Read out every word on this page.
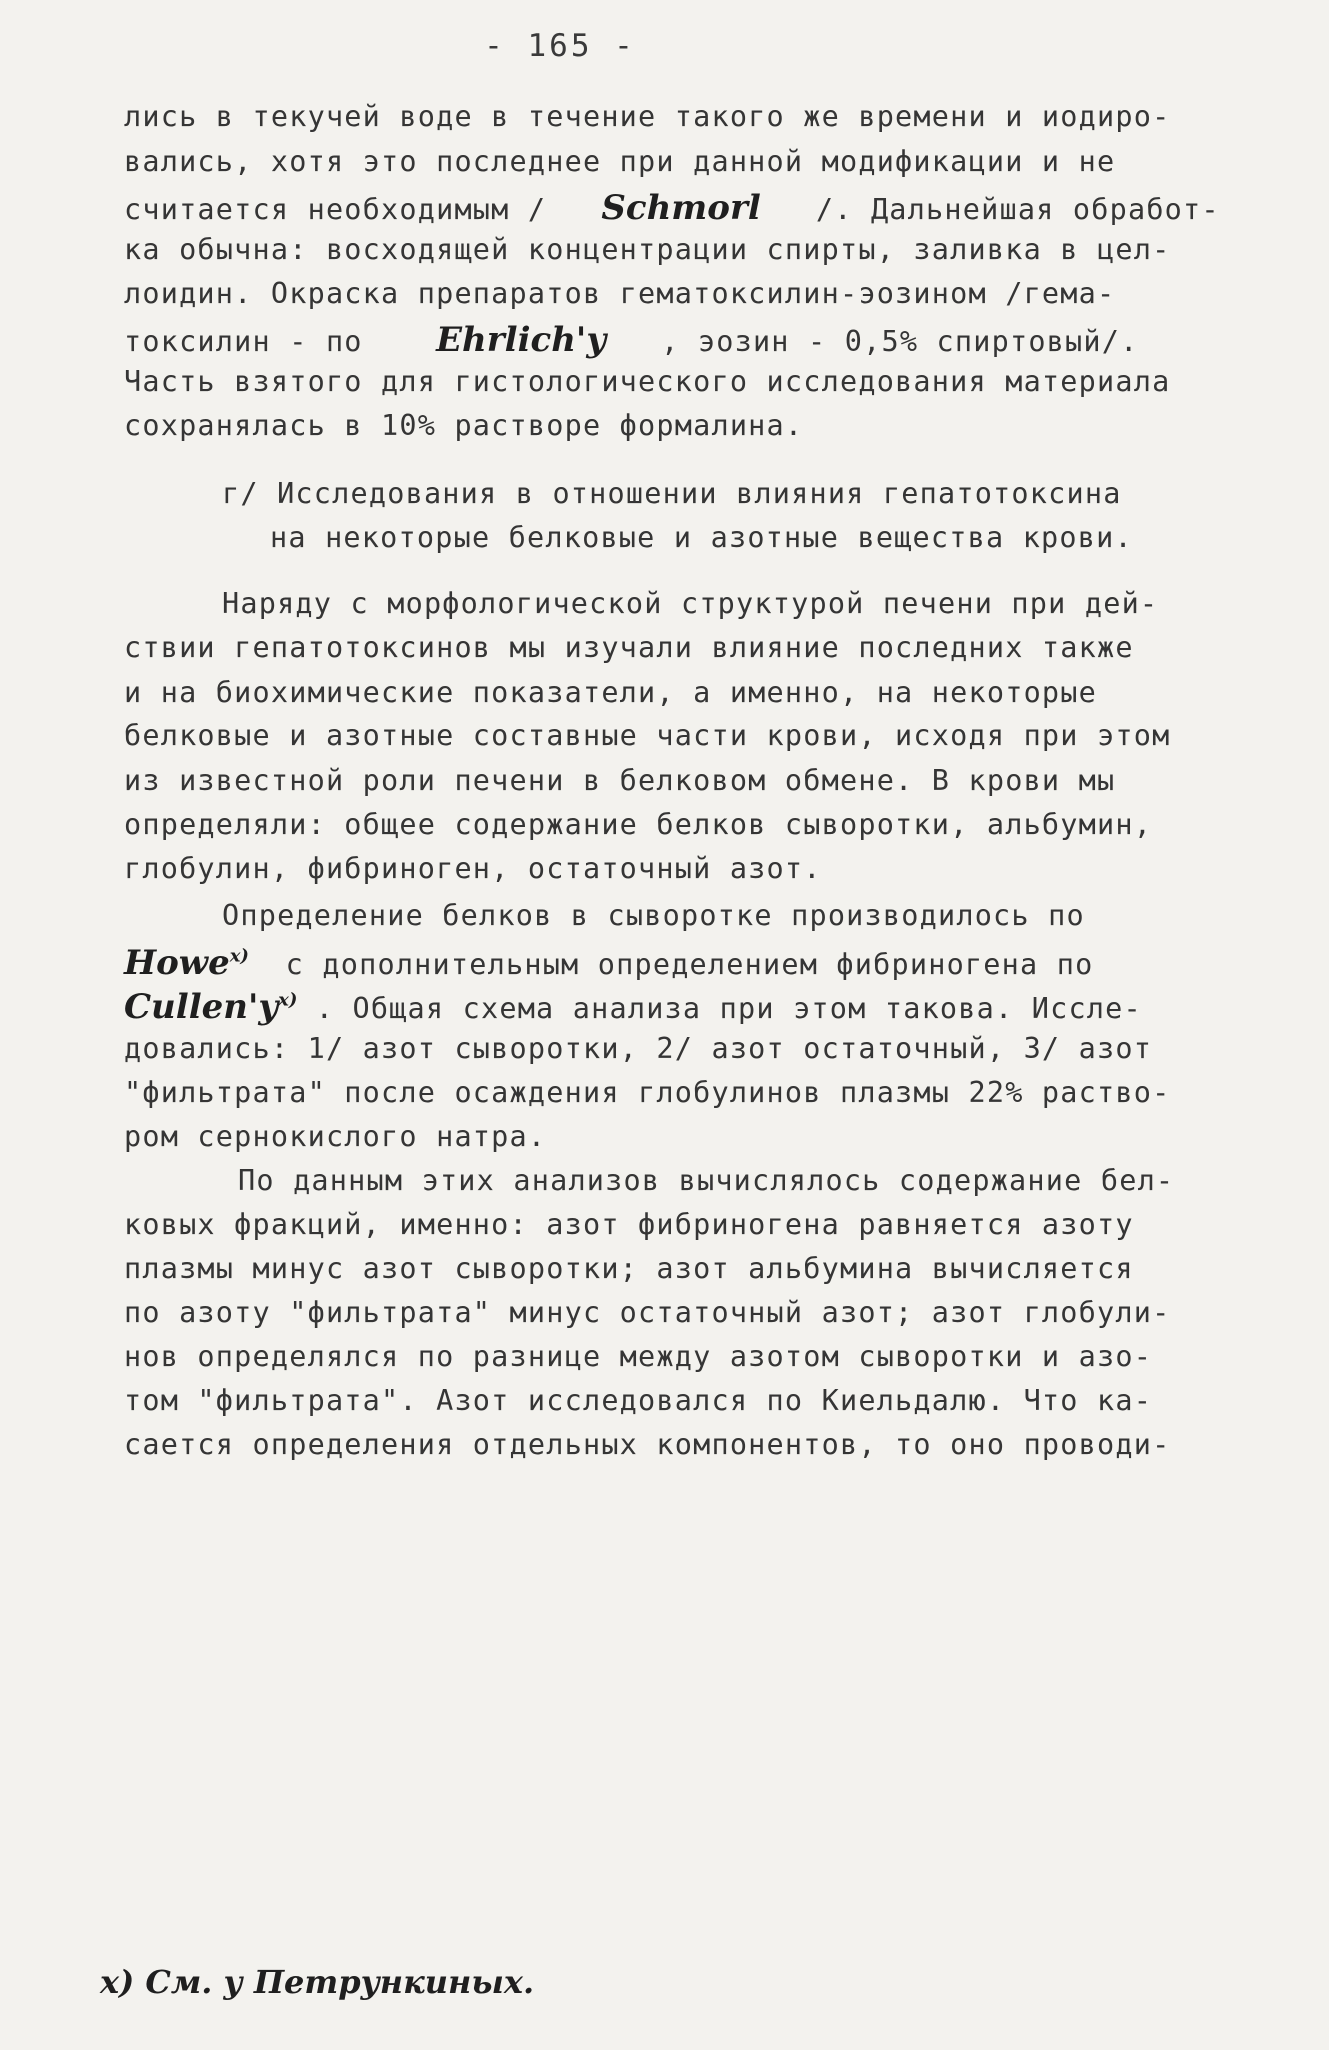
- 165 -
лись в текучей воде в течение такого же времени и иодиро-
вались, хотя это последнее при данной модификации и не
считается необходимым / Schmorl /. Дальнейшая обработ-
ка обычна: восходящей концентрации спирты, заливка в цел-
лоидин. Окраска препаратов гематоксилин-эозином /гема-
токсилин - по Ehrlich'y , эозин - 0,5% спиртовый/.
Часть взятого для гистологического исследования материала
сохранялась в 10% растворе формалина.
г/ Исследования в отношении влияния гепатотоксина
на некоторые белковые и азотные вещества крови.
Наряду с морфологической структурой печени при дей-
ствии гепатотоксинов мы изучали влияние последних также
и на биохимические показатели, а именно, на некоторые
белковые и азотные составные части крови, исходя при этом
из известной роли печени в белковом обмене. В крови мы
определяли: общее содержание белков сыворотки, альбумин,
глобулин, фибриноген, остаточный азот.
Определение белков в сыворотке производилось по
Howe$^{x)}$ с дополнительным определением фибриногена по
$Cullen'y^{x)}$ . Общая схема анализа при этом такова. Иссле-
довались: 1/ азот сыворотки, 2/ азот остаточный, 3/ азот
"фильтрата" после осаждения глобулинов плазмы 22% раство-
ром сернокислого натра.
По данным этих анализов вычислялось содержание бел-
ковых фракций, именно: азот фибриногена равняется азоту
плазмы минус азот сыворотки; азот альбумина вычисляется
по азоту "фильтрата" минус остаточный азот; азот глобули-
нов определялся по разнице между азотом сыворотки и азо-
том "фильтрата". Азот исследовался по Киельдалю. Что ка-
сается определения отдельных компонентов, то оно проводи-
x) См. у Петрункиных.
